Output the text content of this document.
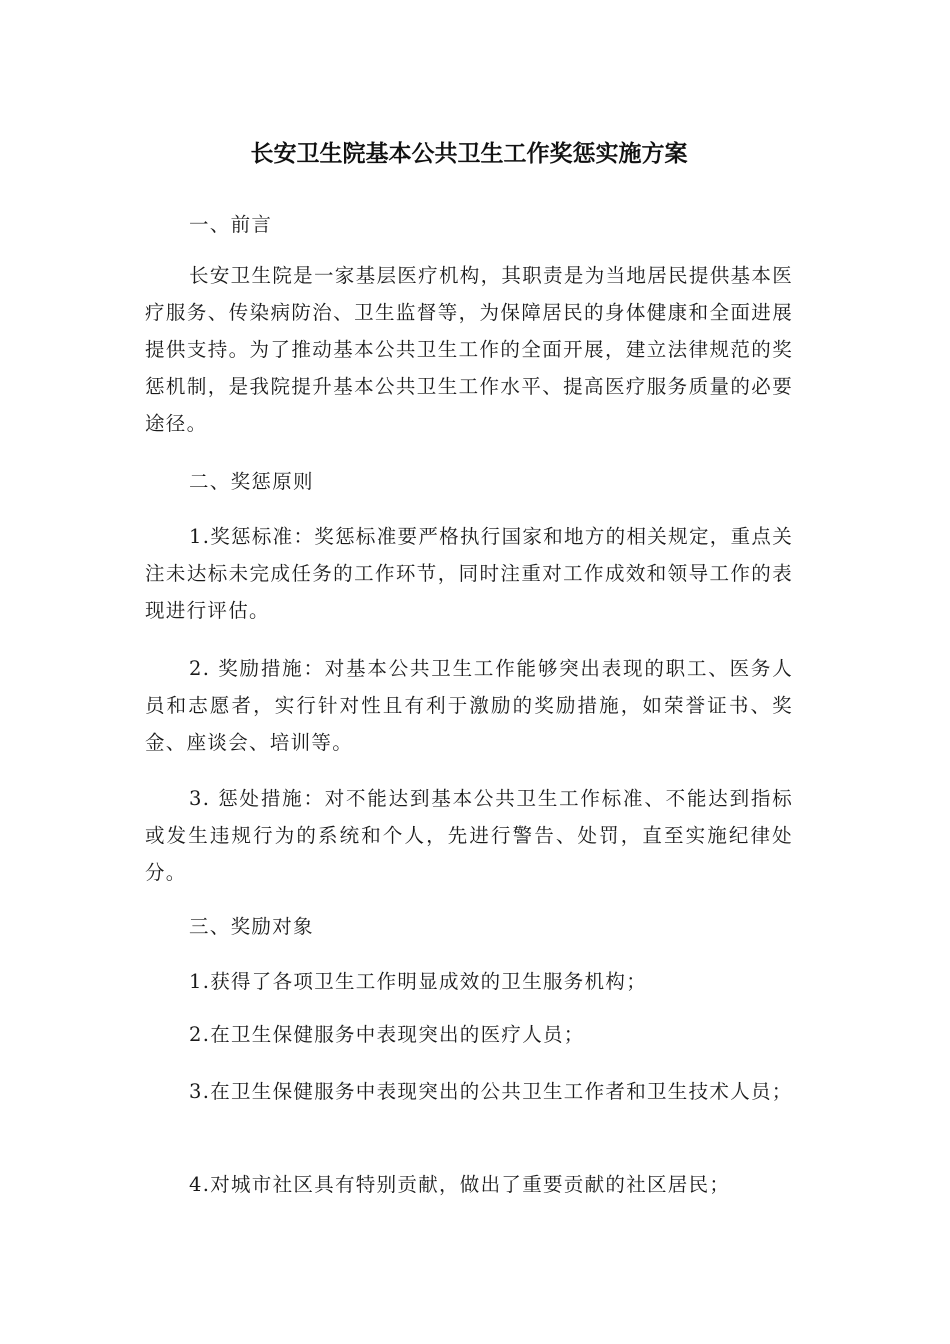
长安卫生院基本公共卫生工作奖惩实施方案

一、前言

长安卫生院是一家基层医疗机构，其职责是为当地居民提供基本医疗服务、传染病防治、卫生监督等，为保障居民的身体健康和全面进展提供支持。为了推动基本公共卫生工作的全面开展，建立法律规范的奖惩机制，是我院提升基本公共卫生工作水平、提高医疗服务质量的必要途径。

二、奖惩原则

1.奖惩标准：奖惩标准要严格执行国家和地方的相关规定，重点关注未达标未完成任务的工作环节，同时注重对工作成效和领导工作的表现进行评估。

2. 奖励措施：对基本公共卫生工作能够突出表现的职工、医务人员和志愿者，实行针对性且有利于激励的奖励措施，如荣誉证书、奖金、座谈会、培训等。

3. 惩处措施：对不能达到基本公共卫生工作标准、不能达到指标或发生违规行为的系统和个人，先进行警告、处罚，直至实施纪律处分。

三、奖励对象

1.获得了各项卫生工作明显成效的卫生服务机构；

2.在卫生保健服务中表现突出的医疗人员；

3.在卫生保健服务中表现突出的公共卫生工作者和卫生技术人员；

4.对城市社区具有特别贡献，做出了重要贡献的社区居民；
